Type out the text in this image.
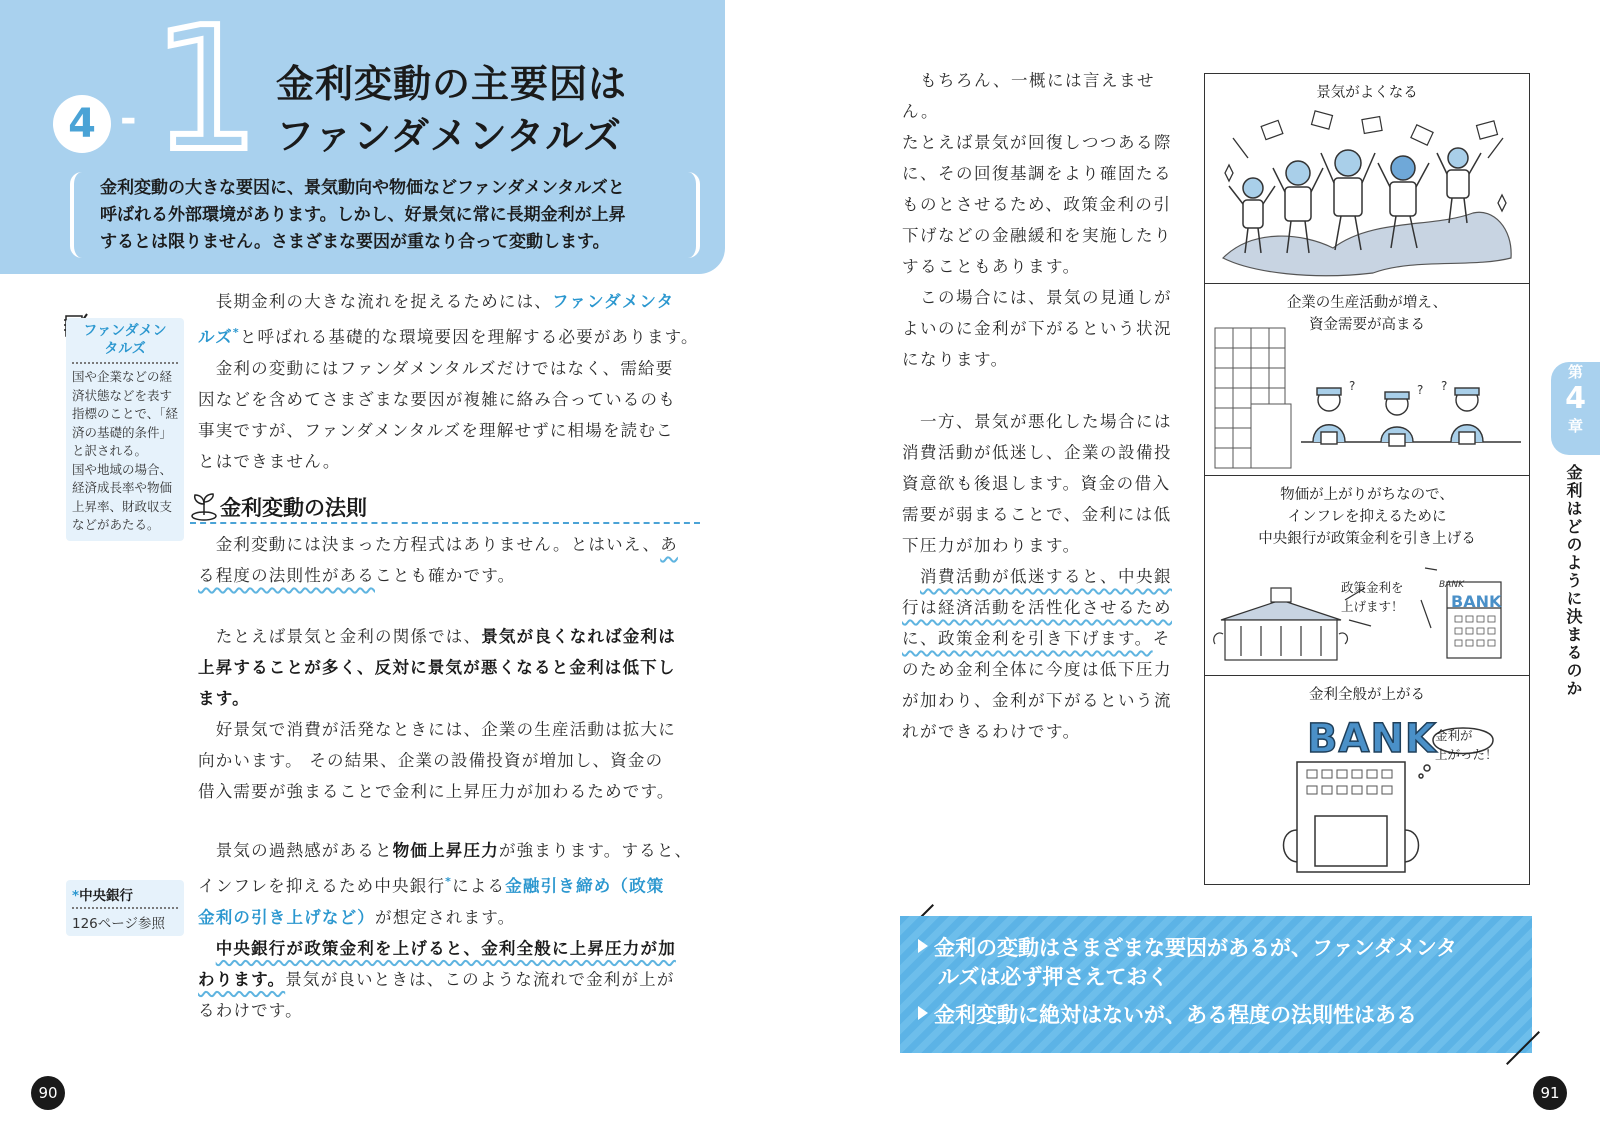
4 - 1 金利変動の主要因は
ファンダメンタルズ
金利変動の大きな要因に、景気動向や物価などファンダメンタルズと
呼ばれる外部環境があります。しかし、好景気に常に長期金利が上昇
するとは限りません。さまざまな要因が重なり合って変動します。
ファンダメン
タルズ
国や企業などの経
済状態などを表す
指標のことで、「経
済の基礎的条件」
と訳される。
国や地域の場合、
経済成長率や物価
上昇率、財政収支
などがあたる。
　長期金利の大きな流れを捉えるためには、ファンダメンタ
ルズ*と呼ばれる基礎的な環境要因を理解する必要があります。
　金利の変動にはファンダメンタルズだけではなく、需給要
因などを含めてさまざまな要因が複雑に絡み合っているのも
事実ですが、ファンダメンタルズを理解せずに相場を読むこ
とはできません。
金利変動の法則
　金利変動には決まった方程式はありません。とはいえ、あ
る程度の法則性があることも確かです。
　たとえば景気と金利の関係では、景気が良くなれば金利は
上昇することが多く、反対に景気が悪くなると金利は低下し
ます。
　好景気で消費が活発なときには、企業の生産活動は拡大に
向かいます。 その結果、企業の設備投資が増加し、資金の
借入需要が強まることで金利に上昇圧力が加わるためです。
　景気の過熱感があると物価上昇圧力が強まります。すると、
インフレを抑えるため中央銀行*による金融引き締め（政策
金利の引き上げなど）が想定されます。
　中央銀行が政策金利を上げると、金利全般に上昇圧力が加
わります。景気が良いときは、このような流れで金利が上が
るわけです。
*中央銀行
126ページ参照
90
　もちろん、一概には言えません。
たとえば景気が回復しつつある際
に、その回復基調をより確固たる
ものとさせるため、政策金利の引
下げなどの金融緩和を実施したり
することもあります。
　この場合には、景気の見通しが
よいのに金利が下がるという状況
になります。
　一方、景気が悪化した場合には
消費活動が低迷し、企業の設備投
資意欲も後退します。資金の借入
需要が弱まることで、金利には低
下圧力が加わります。
　消費活動が低迷すると、中央銀
行は経済活動を活性化させるため
に、政策金利を引き下げます。そ
のため金利全体に今度は低下圧力
が加わり、金利が下がるという流
れができるわけです。
景気がよくなる
企業の生産活動が増え、
資金需要が高まる
?	? ?
物価が上がりがちなので、
インフレを抑えるために
中央銀行が政策金利を引き上げる
政策金利を
上げます！
BANK
BANK
金利全般が上がる
BANK
金利が
上がった！
第
4
章
金利はどのように決まるのか
金利の変動はさまざまな要因があるが、ファンダメンタ
ルズは必ず押さえておく
金利変動に絶対はないが、ある程度の法則性はある
91
